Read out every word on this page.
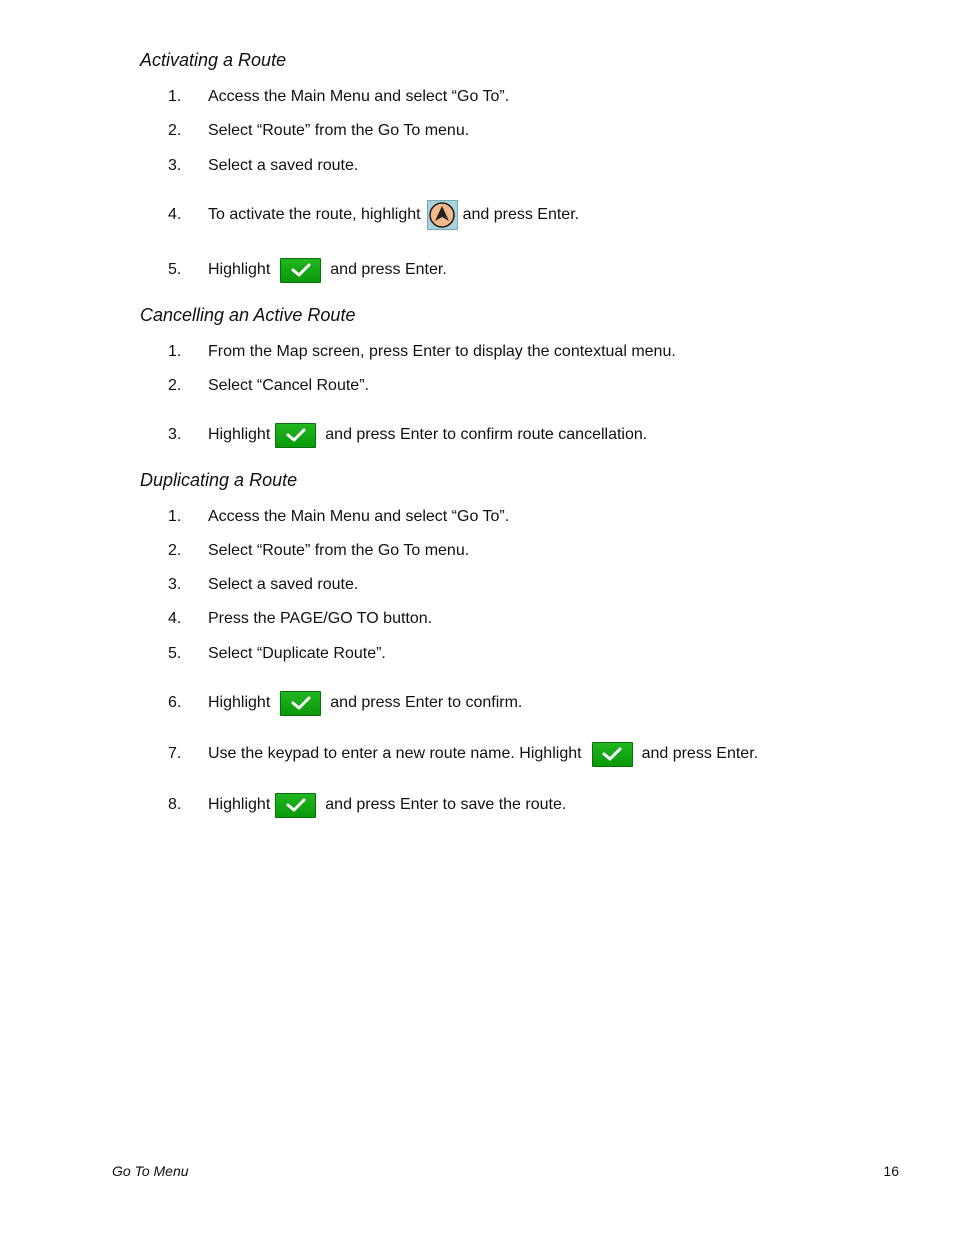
Activating a Route
1. Access the Main Menu and select “Go To”.
2. Select “Route” from the Go To menu.
3. Select a saved route.
4. To activate the route, highlight	and press Enter.
5. Highlight	and press Enter.
Cancelling an Active Route
1. From the Map screen, press Enter to display the contextual menu.
2. Select “Cancel Route”.
3. Highlight	and press Enter to confirm route cancellation.
Duplicating a Route
1. Access the Main Menu and select “Go To”.
2. Select “Route” from the Go To menu.
3. Select a saved route.
4. Press the PAGE/GO TO button.
5. Select “Duplicate Route”.
6. Highlight	and press Enter to confirm.
7. Use the keypad to enter a new route name. Highlight	and press Enter.
8. Highlight	and press Enter to save the route.
Go To Menu	16
